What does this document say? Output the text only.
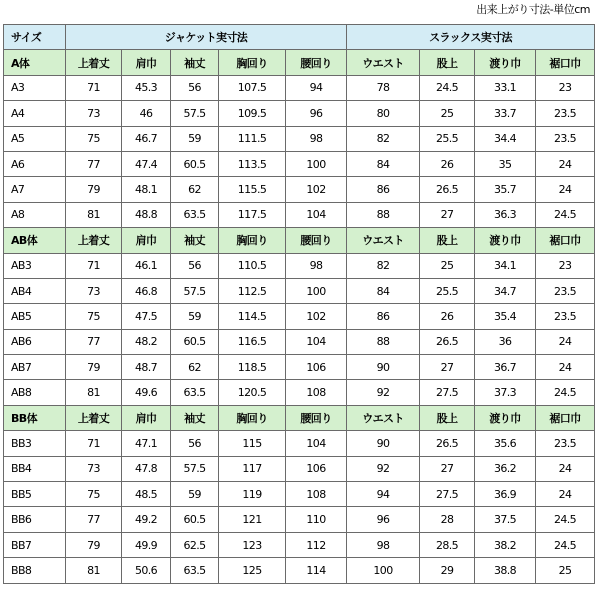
出来上がり寸法-単位cm
サイズ	ジャケット実寸法					スラックス実寸法			
A体	上着丈	肩巾	袖丈	胸回り	腰回り	ウエスト	股上	渡り巾	裾口巾
A3	71	45.3	56	107.5	94	78	24.5	33.1	23
A4	73	46	57.5	109.5	96	80	25	33.7	23.5
A5	75	46.7	59	111.5	98	82	25.5	34.4	23.5
A6	77	47.4	60.5	113.5	100	84	26	35	24
A7	79	48.1	62	115.5	102	86	26.5	35.7	24
A8	81	48.8	63.5	117.5	104	88	27	36.3	24.5
AB体	上着丈	肩巾	袖丈	胸回り	腰回り	ウエスト	股上	渡り巾	裾口巾
AB3	71	46.1	56	110.5	98	82	25	34.1	23
AB4	73	46.8	57.5	112.5	100	84	25.5	34.7	23.5
AB5	75	47.5	59	114.5	102	86	26	35.4	23.5
AB6	77	48.2	60.5	116.5	104	88	26.5	36	24
AB7	79	48.7	62	118.5	106	90	27	36.7	24
AB8	81	49.6	63.5	120.5	108	92	27.5	37.3	24.5
BB体	上着丈	肩巾	袖丈	胸回り	腰回り	ウエスト	股上	渡り巾	裾口巾
BB3	71	47.1	56	115	104	90	26.5	35.6	23.5
BB4	73	47.8	57.5	117	106	92	27	36.2	24
BB5	75	48.5	59	119	108	94	27.5	36.9	24
BB6	77	49.2	60.5	121	110	96	28	37.5	24.5
BB7	79	49.9	62.5	123	112	98	28.5	38.2	24.5
BB8	81	50.6	63.5	125	114	100	29	38.8	25
